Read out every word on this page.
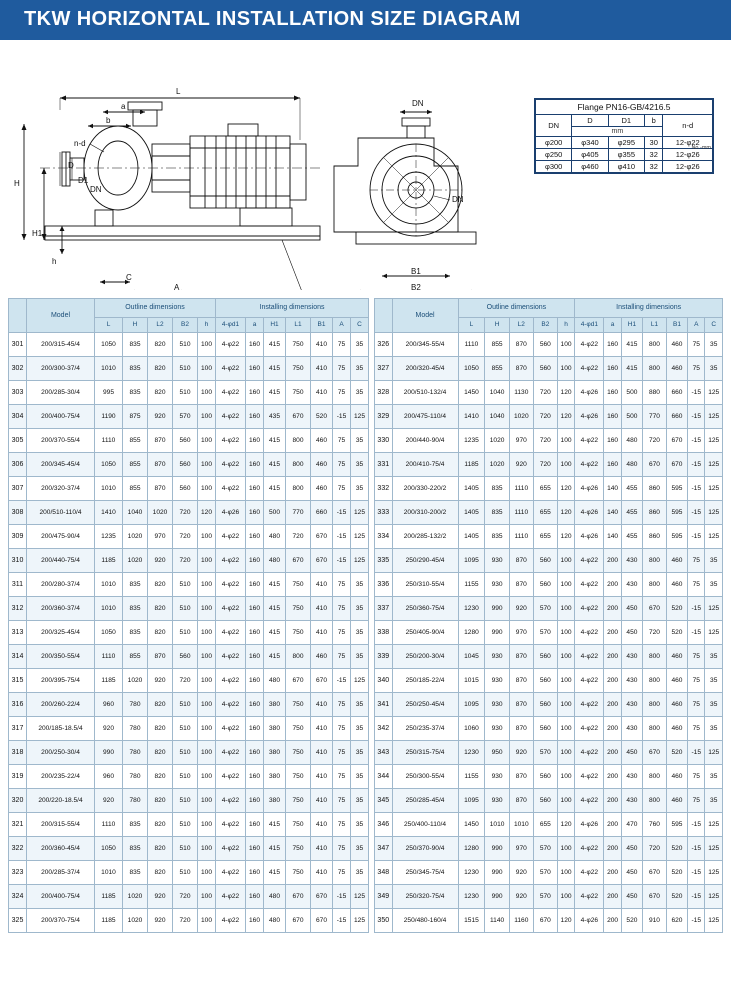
TKW HORIZONTAL INSTALLATION SIZE DIAGRAM
L
a
b
n-d
D
D1
DN
H
H1
h
C
A
DN
DN
B1
B2
Flange PN16-GB/4216.5				
DN	D	D1	b	n-d
	mm			
φ200	φ340	φ295	30	12-φ22
φ250	φ405	φ355	32	12-φ26
φ300	φ460	φ410	32	12-φ26
No.-mm
	Model	Outline dimensions					Installing dimensions						
		L	H	L2	B2	h	4-φd1	a	H1	L1	B1	A	C
301	200/315-45/4	1050	835	820	510	100	4-φ22	160	415	750	410	75	35
302	200/300-37/4	1010	835	820	510	100	4-φ22	160	415	750	410	75	35
303	200/285-30/4	995	835	820	510	100	4-φ22	160	415	750	410	75	35
304	200/400-75/4	1190	875	920	570	100	4-φ22	160	435	670	520	-15	125
305	200/370-55/4	1110	855	870	560	100	4-φ22	160	415	800	460	75	35
306	200/345-45/4	1050	855	870	560	100	4-φ22	160	415	800	460	75	35
307	200/320-37/4	1010	855	870	560	100	4-φ22	160	415	800	460	75	35
308	200/510-110/4	1410	1040	1020	720	120	4-φ26	160	500	770	660	-15	125
309	200/475-90/4	1235	1020	970	720	100	4-φ22	160	480	720	670	-15	125
310	200/440-75/4	1185	1020	920	720	100	4-φ22	160	480	670	670	-15	125
311	200/280-37/4	1010	835	820	510	100	4-φ22	160	415	750	410	75	35
312	200/360-37/4	1010	835	820	510	100	4-φ22	160	415	750	410	75	35
313	200/325-45/4	1050	835	820	510	100	4-φ22	160	415	750	410	75	35
314	200/350-55/4	1110	855	870	560	100	4-φ22	160	415	800	460	75	35
315	200/395-75/4	1185	1020	920	720	100	4-φ22	160	480	670	670	-15	125
316	200/260-22/4	960	780	820	510	100	4-φ22	160	380	750	410	75	35
317	200/185-18.5/4	920	780	820	510	100	4-φ22	160	380	750	410	75	35
318	200/250-30/4	990	780	820	510	100	4-φ22	160	380	750	410	75	35
319	200/235-22/4	960	780	820	510	100	4-φ22	160	380	750	410	75	35
320	200/220-18.5/4	920	780	820	510	100	4-φ22	160	380	750	410	75	35
321	200/315-55/4	1110	835	820	510	100	4-φ22	160	415	750	410	75	35
322	200/360-45/4	1050	835	820	510	100	4-φ22	160	415	750	410	75	35
323	200/285-37/4	1010	835	820	510	100	4-φ22	160	415	750	410	75	35
324	200/400-75/4	1185	1020	920	720	100	4-φ22	160	480	670	670	-15	125
325	200/370-75/4	1185	1020	920	720	100	4-φ22	160	480	670	670	-15	125
	Model	Outline dimensions					Installing dimensions						
		L	H	L2	B2	h	4-φd1	a	H1	L1	B1	A	C
326	200/345-55/4	1110	855	870	560	100	4-φ22	160	415	800	460	75	35
327	200/320-45/4	1050	855	870	560	100	4-φ22	160	415	800	460	75	35
328	200/510-132/4	1450	1040	1130	720	120	4-φ26	160	500	880	660	-15	125
329	200/475-110/4	1410	1040	1020	720	120	4-φ26	160	500	770	660	-15	125
330	200/440-90/4	1235	1020	970	720	100	4-φ22	160	480	720	670	-15	125
331	200/410-75/4	1185	1020	920	720	100	4-φ22	160	480	670	670	-15	125
332	200/330-220/2	1405	835	1110	655	120	4-φ26	140	455	860	595	-15	125
333	200/310-200/2	1405	835	1110	655	120	4-φ26	140	455	860	595	-15	125
334	200/285-132/2	1405	835	1110	655	120	4-φ26	140	455	860	595	-15	125
335	250/290-45/4	1095	930	870	560	100	4-φ22	200	430	800	460	75	35
336	250/310-55/4	1155	930	870	560	100	4-φ22	200	430	800	460	75	35
337	250/360-75/4	1230	990	920	570	100	4-φ22	200	450	670	520	-15	125
338	250/405-90/4	1280	990	970	570	100	4-φ22	200	450	720	520	-15	125
339	250/200-30/4	1045	930	870	560	100	4-φ22	200	430	800	460	75	35
340	250/185-22/4	1015	930	870	560	100	4-φ22	200	430	800	460	75	35
341	250/250-45/4	1095	930	870	560	100	4-φ22	200	430	800	460	75	35
342	250/235-37/4	1060	930	870	560	100	4-φ22	200	430	800	460	75	35
343	250/315-75/4	1230	950	920	570	100	4-φ22	200	450	670	520	-15	125
344	250/300-55/4	1155	930	870	560	100	4-φ22	200	430	800	460	75	35
345	250/285-45/4	1095	930	870	560	100	4-φ22	200	430	800	460	75	35
346	250/400-110/4	1450	1010	1010	655	120	4-φ26	200	470	760	595	-15	125
347	250/370-90/4	1280	990	970	570	100	4-φ22	200	450	720	520	-15	125
348	250/345-75/4	1230	990	920	570	100	4-φ22	200	450	670	520	-15	125
349	250/320-75/4	1230	990	920	570	100	4-φ22	200	450	670	520	-15	125
350	250/480-160/4	1515	1140	1160	670	120	4-φ26	200	520	910	620	-15	125
